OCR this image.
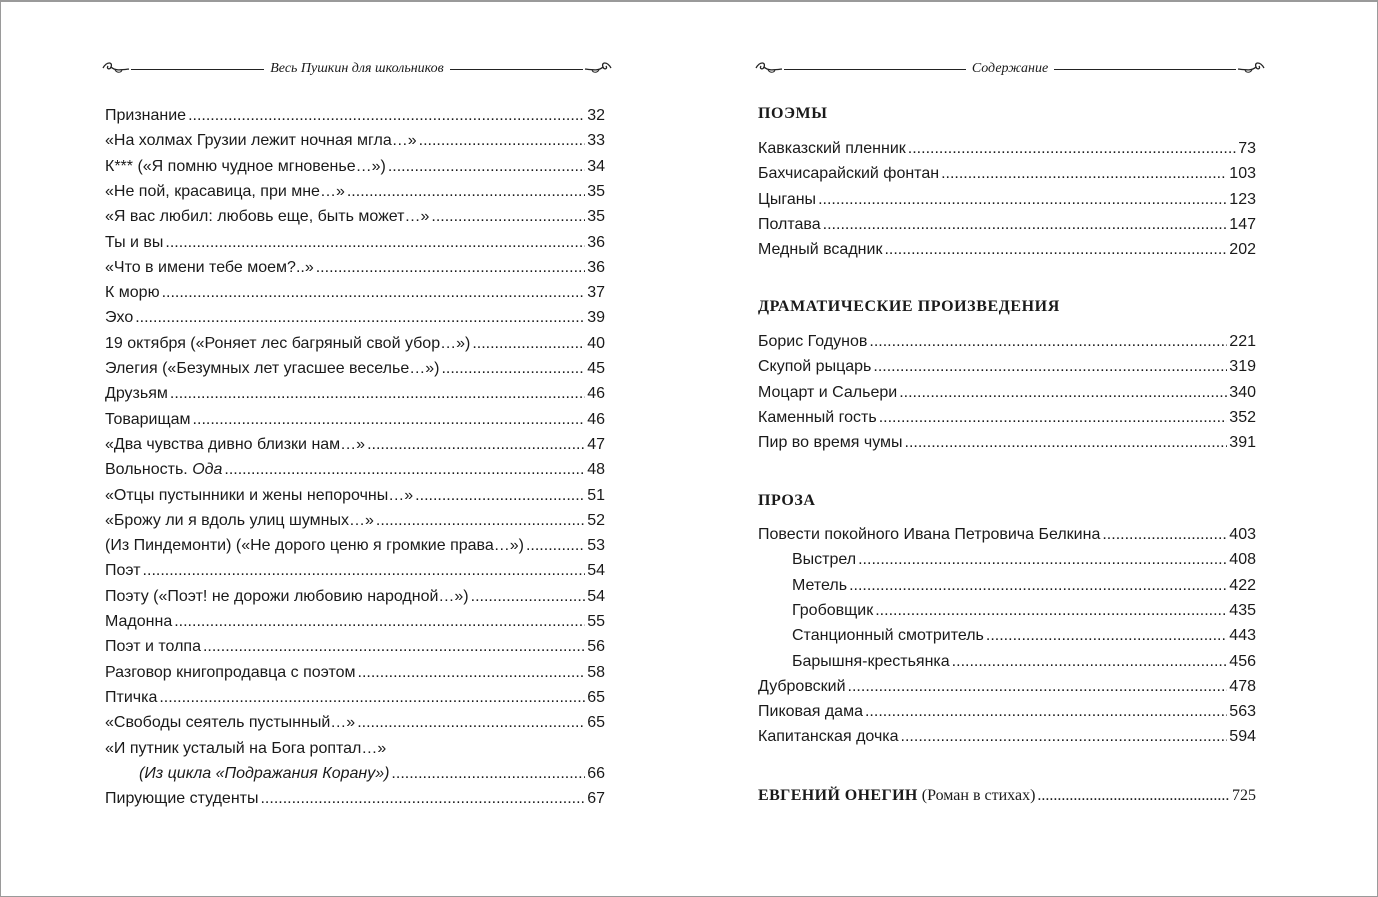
Весь Пушкин для школьников
Признание .....	32
«На холмах Грузии лежит ночная мгла…» .....	33
К*** («Я помню чудное мгновенье…») .....	34
«Не пой, красавица, при мне…» .....	35
«Я вас любил: любовь еще, быть может…» .....	35
Ты и вы .....	36
«Что в имени тебе моем?..» .....	36
К морю .....	37
Эхо .....	39
19 октября («Роняет лес багряный свой убор…») .....	40
Элегия («Безумных лет угасшее веселье…») .....	45
Друзьям .....	46
Товарищам .....	46
«Два чувства дивно близки нам…» .....	47
Вольность. Ода .....	48
«Отцы пустынники и жены непорочны…» .....	51
«Брожу ли я вдоль улиц шумных…» .....	52
(Из Пиндемонти) («Не дорого ценю я громкие права…») .....	53
Поэт .....	54
Поэту («Поэт! не дорожи любовию народной…») .....	54
Мадонна .....	55
Поэт и толпа .....	56
Разговор книгопродавца с поэтом .....	58
Птичка .....	65
«Свободы сеятель пустынный…» .....	65
«И путник усталый на Бога роптал…»
(Из цикла «Подражания Корану») .....	66
Пирующие студенты .....	67
Содержание
ПОЭМЫ
Кавказский пленник .....	73
Бахчисарайский фонтан .....	103
Цыганы .....	123
Полтава .....	147
Медный всадник .....	202
ДРАМАТИЧЕСКИЕ ПРОИЗВЕДЕНИЯ
Борис Годунов .....	221
Скупой рыцарь .....	319
Моцарт и Сальери .....	340
Каменный гость .....	352
Пир во время чумы .....	391
ПРОЗА
Повести покойного Ивана Петровича Белкина .....	403
Выстрел .....	408
Метель .....	422
Гробовщик .....	435
Станционный смотритель .....	443
Барышня-крестьянка .....	456
Дубровский .....	478
Пиковая дама .....	563
Капитанская дочка .....	594
ЕВГЕНИЙ ОНЕГИН (Роман в стихах) .....	725
